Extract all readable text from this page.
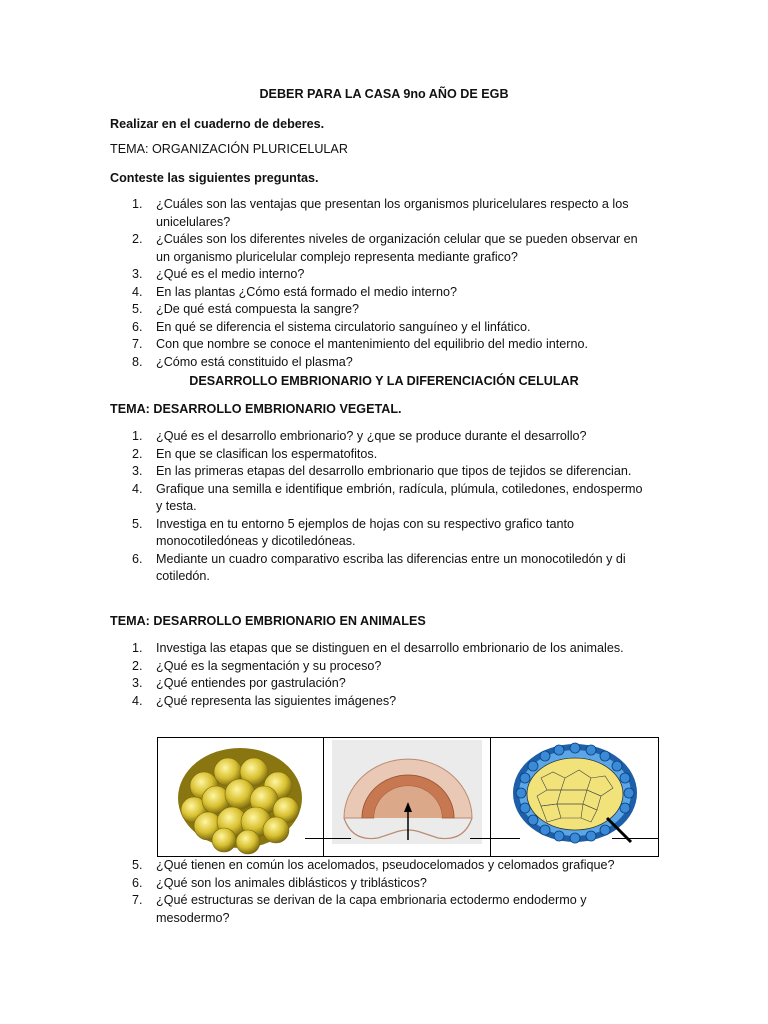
DEBER PARA LA CASA 9no AÑO DE EGB
Realizar en el cuaderno de deberes.
TEMA: ORGANIZACIÓN PLURICELULAR
Conteste las siguientes preguntas.
1. ¿Cuáles son las ventajas que presentan los organismos pluricelulares respecto a los unicelulares?
2. ¿Cuáles son los diferentes niveles de organización celular que se pueden observar en un organismo pluricelular complejo representa mediante grafico?
3. ¿Qué es el medio interno?
4. En las plantas ¿Cómo está formado el medio interno?
5. ¿De qué está compuesta la sangre?
6. En qué se diferencia el sistema circulatorio sanguíneo y el linfático.
7. Con que nombre se conoce el mantenimiento del equilibrio del medio interno.
8. ¿Cómo está constituido el plasma?
DESARROLLO EMBRIONARIO Y LA DIFERENCIACIÓN CELULAR
TEMA: DESARROLLO EMBRIONARIO VEGETAL.
1. ¿Qué es el desarrollo embrionario? y ¿que se produce durante el desarrollo?
2. En que se clasifican los espermatofitos.
3. En las primeras etapas del desarrollo embrionario que tipos de tejidos se diferencian.
4. Grafique una semilla e identifique embrión, radícula, plúmula, cotiledones, endospermo y testa.
5. Investiga en tu entorno 5 ejemplos de hojas con su respectivo grafico tanto monocotiledóneas y dicotiledóneas.
6. Mediante un cuadro comparativo escriba las diferencias entre un monocotiledón y di cotiledón.
TEMA: DESARROLLO EMBRIONARIO EN ANIMALES
1. Investiga las etapas que se distinguen en el desarrollo embrionario de los animales.
2. ¿Qué es la segmentación y su proceso?
3. ¿Qué entiendes por gastrulación?
4. ¿Qué representa las siguientes imágenes?
5. ¿Qué tienen en común los acelomados, pseudocelomados y celomados grafique?
6. ¿Qué son los animales diblásticos y triblásticos?
7. ¿Qué estructuras se derivan de la capa embrionaria ectodermo endodermo y mesodermo?
